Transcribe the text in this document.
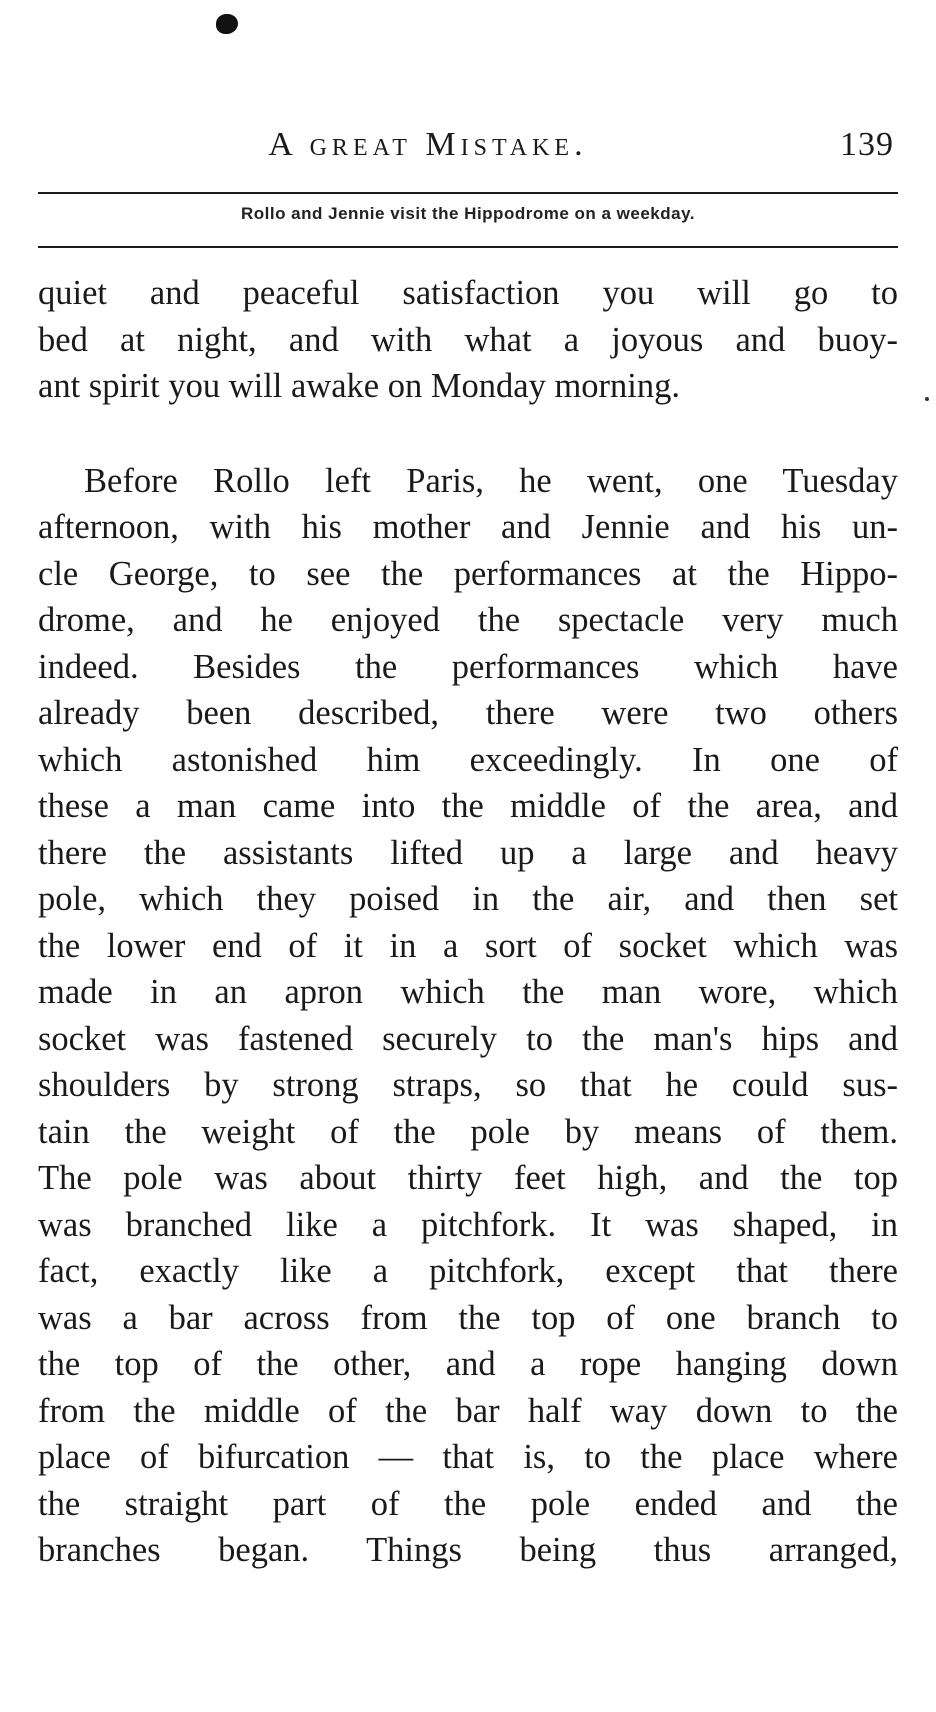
A great Mistake.	139
Rollo and Jennie visit the Hippodrome on a weekday.
quiet and peaceful satisfaction you will go to
bed at night, and with what a joyous and buoy-
ant spirit you will awake on Monday morning.
Before Rollo left Paris, he went, one Tuesday
afternoon, with his mother and Jennie and his un-
cle George, to see the performances at the Hippo-
drome, and he enjoyed the spectacle very much
indeed. Besides the performances which have
already been described, there were two others
which astonished him exceedingly. In one of
these a man came into the middle of the area, and
there the assistants lifted up a large and heavy
pole, which they poised in the air, and then set
the lower end of it in a sort of socket which was
made in an apron which the man wore, which
socket was fastened securely to the man's hips and
shoulders by strong straps, so that he could sus-
tain the weight of the pole by means of them.
The pole was about thirty feet high, and the top
was branched like a pitchfork. It was shaped, in
fact, exactly like a pitchfork, except that there
was a bar across from the top of one branch to
the top of the other, and a rope hanging down
from the middle of the bar half way down to the
place of bifurcation — that is, to the place where
the straight part of the pole ended and the
branches began. Things being thus arranged,
